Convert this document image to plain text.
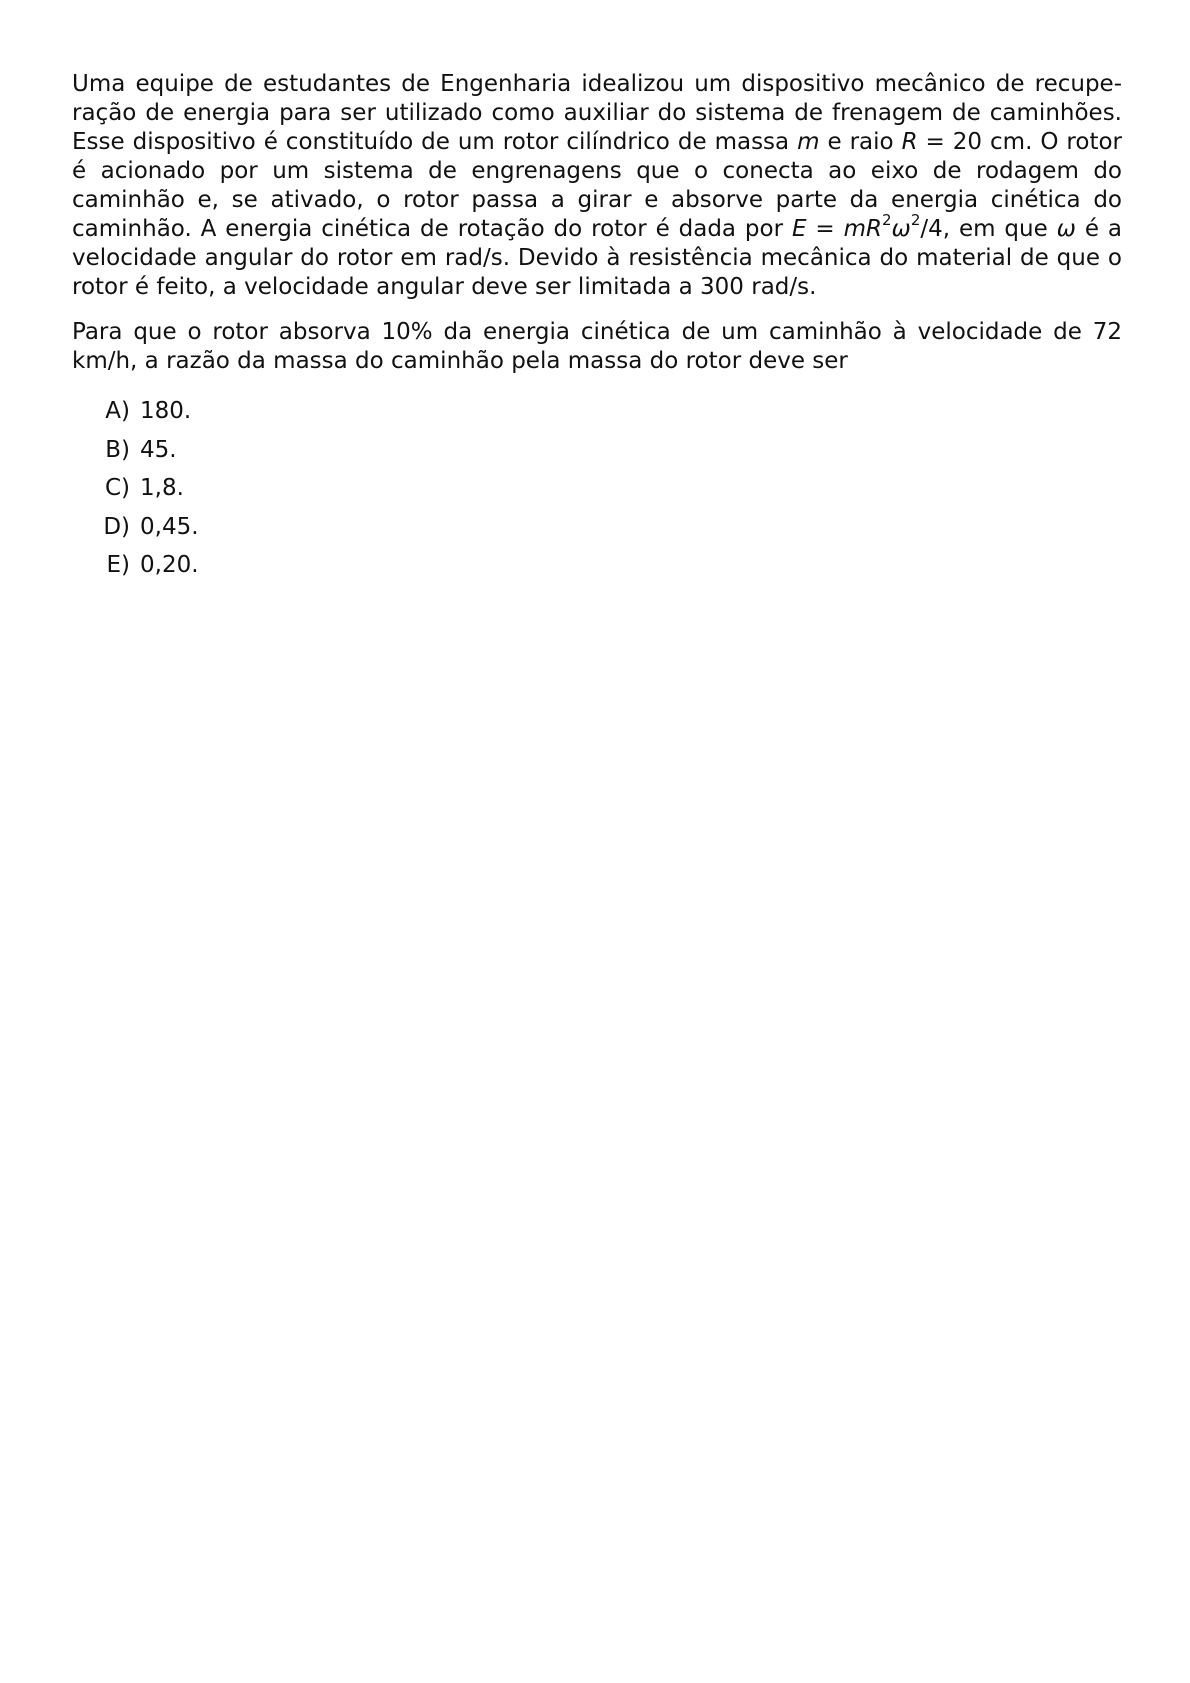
Uma equipe de estudantes de Engenharia idealizou um dispositivo mecânico de recupe-ração de energia para ser utilizado como auxiliar do sistema de frenagem de caminhões. Esse dispositivo é constituído de um rotor cilíndrico de massa m e raio R = 20 cm. O rotor é acionado por um sistema de engrenagens que o conecta ao eixo de rodagem do caminhão e, se ativado, o rotor passa a girar e absorve parte da energia cinética do caminhão. A energia cinética de rotação do rotor é dada por $E = mR^2\omega^2/4$, em que ω é a velocidade angular do rotor em rad/s. Devido à resistência mecânica do material de que o rotor é feito, a velocidade angular deve ser limitada a 300 rad/s.

Para que o rotor absorva 10% da energia cinética de um caminhão à velocidade de 72 km/h, a razão da massa do caminhão pela massa do rotor deve ser

A) 180.
B) 45.
C) 1,8.
D) 0,45.
E) 0,20.
